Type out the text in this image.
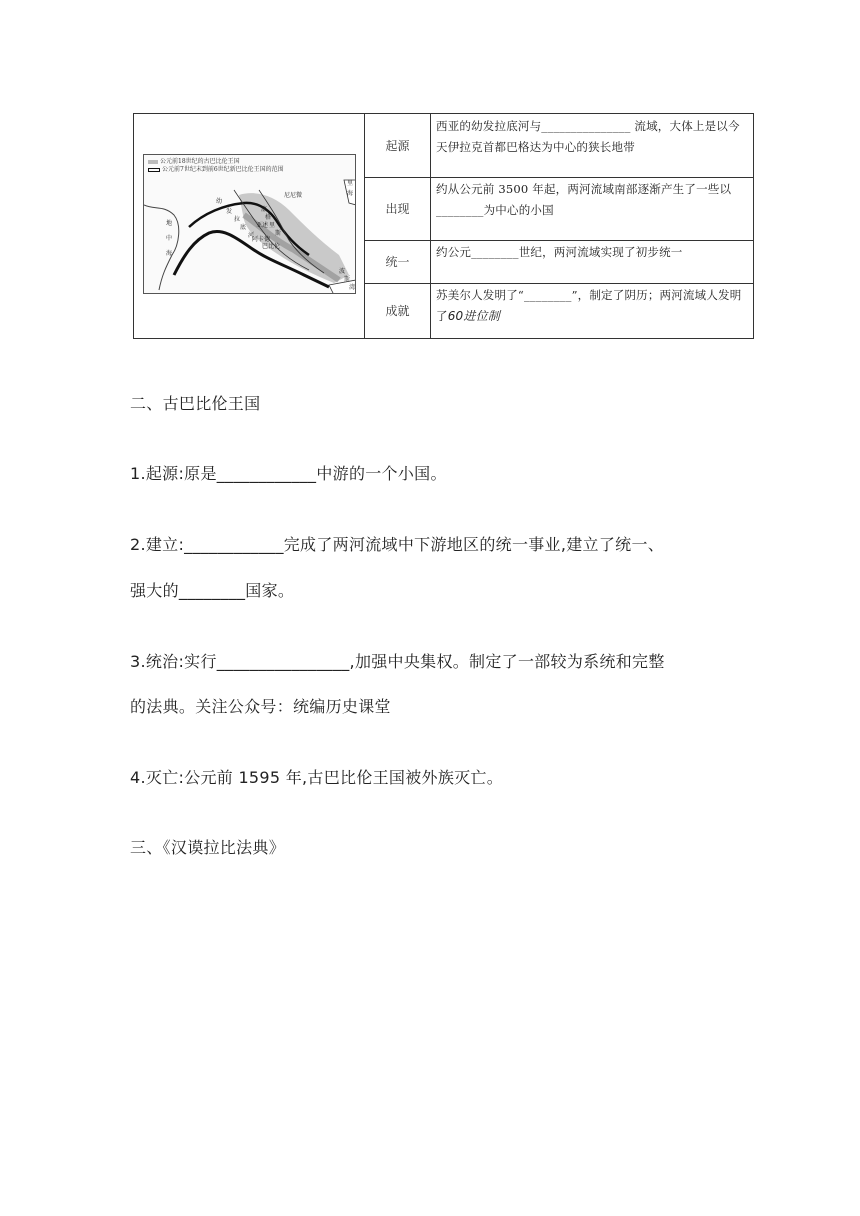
里
海
幼
发
拉
底
河
底
格
里
斯
尼尼微
亚述
巴比伦
阿卡德
地
中
海
波
斯
湾
公元前18世纪的古巴比伦王国
公元前7世纪末到前6世纪新巴比伦王国的范围
起源
出现
统一
成就
西亚的幼发拉底河与_______________ 流域，大体上是以今天伊拉克首都巴格达为中心的狭长地带
约从公元前 3500 年起，两河流域南部逐渐产生了一些以________为中心的小国
约公元________世纪，两河流域实现了初步统一
苏美尔人发明了“________”，制定了阴历；两河流域人发明了60进位制
二、古巴比伦王国
1.起源:原是____________中游的一个小国。
2.建立:____________完成了两河流域中下游地区的统一事业,建立了统一、
强大的________国家。
3.统治:实行________________,加强中央集权。制定了一部较为系统和完整
的法典。关注公众号：统编历史课堂
4.灭亡:公元前 1595 年,古巴比伦王国被外族灭亡。
三、《汉谟拉比法典》
